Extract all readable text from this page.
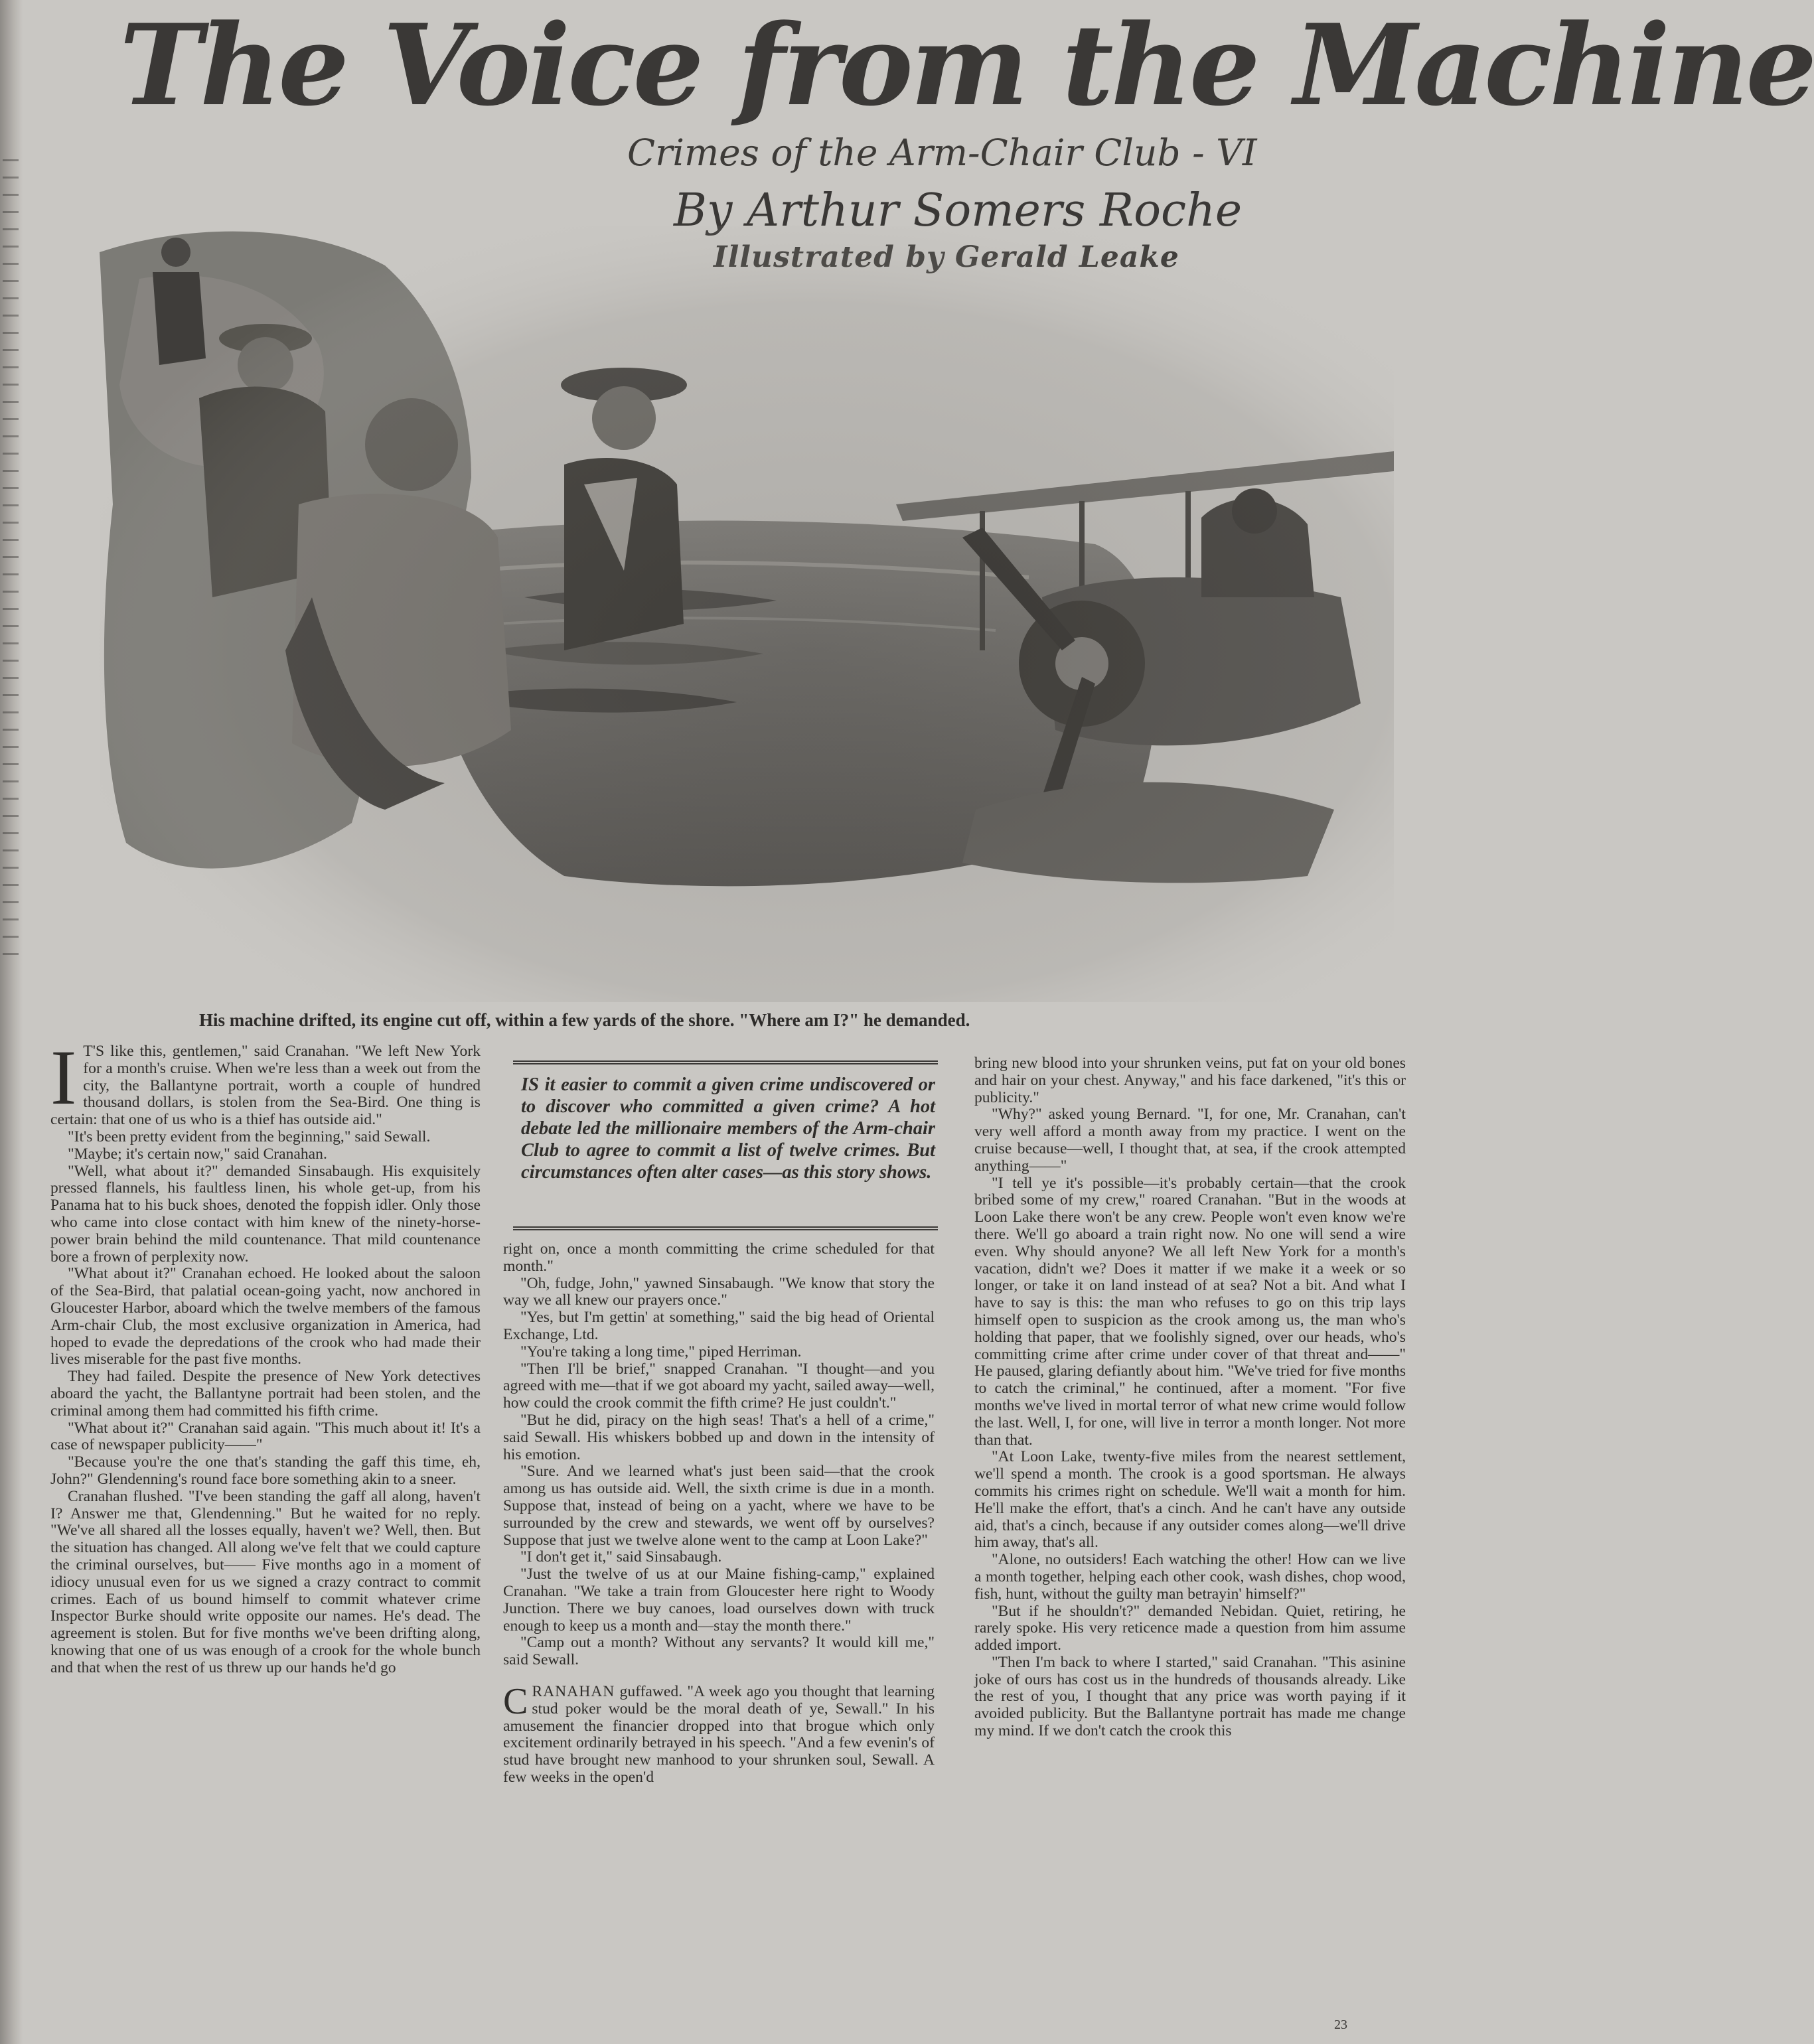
The Voice from the Machine
Crimes of the Arm-Chair Club - VI
By Arthur Somers Roche
Illustrated by Gerald Leake
His machine drifted, its engine cut off, within a few yards of the shore. "Where am I?" he demanded.

I T'S like this, gentlemen," said Cranahan. "We left New York for a month's cruise. When we're less than a week out from the city, the Ballantyne portrait, worth a couple of hundred thousand dollars, is stolen from the Sea-Bird. One thing is certain: that one of us who is a thief has outside aid."

"It's been pretty evident from the beginning," said Sewall.

"Maybe; it's certain now," said Cranahan.

"Well, what about it?" demanded Sinsabaugh. His exquisitely pressed flannels, his faultless linen, his whole get-up, from his Panama hat to his buck shoes, denoted the foppish idler. Only those who came into close contact with him knew of the ninety-horse-power brain behind the mild countenance. That mild countenance bore a frown of perplexity now.

"What about it?" Cranahan echoed. He looked about the saloon of the Sea-Bird, that palatial ocean-going yacht, now anchored in Gloucester Harbor, aboard which the twelve members of the famous Arm-chair Club, the most exclusive organization in America, had hoped to evade the depredations of the crook who had made their lives miserable for the past five months.

They had failed. Despite the presence of New York detectives aboard the yacht, the Ballantyne portrait had been stolen, and the criminal among them had committed his fifth crime.

"What about it?" Cranahan said again. "This much about it! It's a case of newspaper publicity——"

"Because you're the one that's standing the gaff this time, eh, John?" Glendenning's round face bore something akin to a sneer.

Cranahan flushed. "I've been standing the gaff all along, haven't I? Answer me that, Glendenning." But he waited for no reply. "We've all shared all the losses equally, haven't we? Well, then. But the situation has changed. All along we've felt that we could capture the criminal ourselves, but—— Five months ago in a moment of idiocy unusual even for us we signed a crazy contract to commit crimes. Each of us bound himself to commit whatever crime Inspector Burke should write opposite our names. He's dead. The agreement is stolen. But for five months we've been drifting along, knowing that one of us was enough of a crook for the whole bunch and that when the rest of us threw up our hands he'd go

IS it easier to commit a given crime undiscovered or to discover who committed a given crime? A hot debate led the millionaire members of the Arm-chair Club to agree to commit a list of twelve crimes. But circumstances often alter cases—as this story shows.

right on, once a month committing the crime scheduled for that month."

"Oh, fudge, John," yawned Sinsabaugh. "We know that story the way we all knew our prayers once."

"Yes, but I'm gettin' at something," said the big head of Oriental Exchange, Ltd.

"You're taking a long time," piped Herriman.

"Then I'll be brief," snapped Cranahan. "I thought—and you agreed with me—that if we got aboard my yacht, sailed away—well, how could the crook commit the fifth crime? He just couldn't."

"But he did, piracy on the high seas! That's a hell of a crime," said Sewall. His whiskers bobbed up and down in the intensity of his emotion.

"Sure. And we learned what's just been said—that the crook among us has outside aid. Well, the sixth crime is due in a month. Suppose that, instead of being on a yacht, where we have to be surrounded by the crew and stewards, we went off by ourselves? Suppose that just we twelve alone went to the camp at Loon Lake?"

"I don't get it," said Sinsabaugh.

"Just the twelve of us at our Maine fishing-camp," explained Cranahan. "We take a train from Gloucester here right to Woody Junction. There we buy canoes, load ourselves down with truck enough to keep us a month and—stay the month there."

"Camp out a month? Without any servants? It would kill me," said Sewall.

CRANAHAN guffawed. "A week ago you thought that learning stud poker would be the moral death of ye, Sewall." In his amusement the financier dropped into that brogue which only excitement ordinarily betrayed in his speech. "And a few evenin's of stud have brought new manhood to your shrunken soul, Sewall. A few weeks in the open'd

bring new blood into your shrunken veins, put fat on your old bones and hair on your chest. Anyway," and his face darkened, "it's this or publicity."

"Why?" asked young Bernard. "I, for one, Mr. Cranahan, can't very well afford a month away from my practice. I went on the cruise because—well, I thought that, at sea, if the crook attempted anything——"

"I tell ye it's possible—it's probably certain—that the crook bribed some of my crew," roared Cranahan. "But in the woods at Loon Lake there won't be any crew. People won't even know we're there. We'll go aboard a train right now. No one will send a wire even. Why should anyone? We all left New York for a month's vacation, didn't we? Does it matter if we make it a week or so longer, or take it on land instead of at sea? Not a bit. And what I have to say is this: the man who refuses to go on this trip lays himself open to suspicion as the crook among us, the man who's holding that paper, that we foolishly signed, over our heads, who's committing crime after crime under cover of that threat and——" He paused, glaring defiantly about him. "We've tried for five months to catch the criminal," he continued, after a moment. "For five months we've lived in mortal terror of what new crime would follow the last. Well, I, for one, will live in terror a month longer. Not more than that.

"At Loon Lake, twenty-five miles from the nearest settlement, we'll spend a month. The crook is a good sportsman. He always commits his crimes right on schedule. We'll wait a month for him. He'll make the effort, that's a cinch. And he can't have any outside aid, that's a cinch, because if any outsider comes along—we'll drive him away, that's all.

"Alone, no outsiders! Each watching the other! How can we live a month together, helping each other cook, wash dishes, chop wood, fish, hunt, without the guilty man betrayin' himself?"

"But if he shouldn't?" demanded Nebidan. Quiet, retiring, he rarely spoke. His very reticence made a question from him assume added import.

"Then I'm back to where I started," said Cranahan. "This asinine joke of ours has cost us in the hundreds of thousands already. Like the rest of you, I thought that any price was worth paying if it avoided publicity. But the Ballantyne portrait has made me change my mind. If we don't catch the crook this

23
